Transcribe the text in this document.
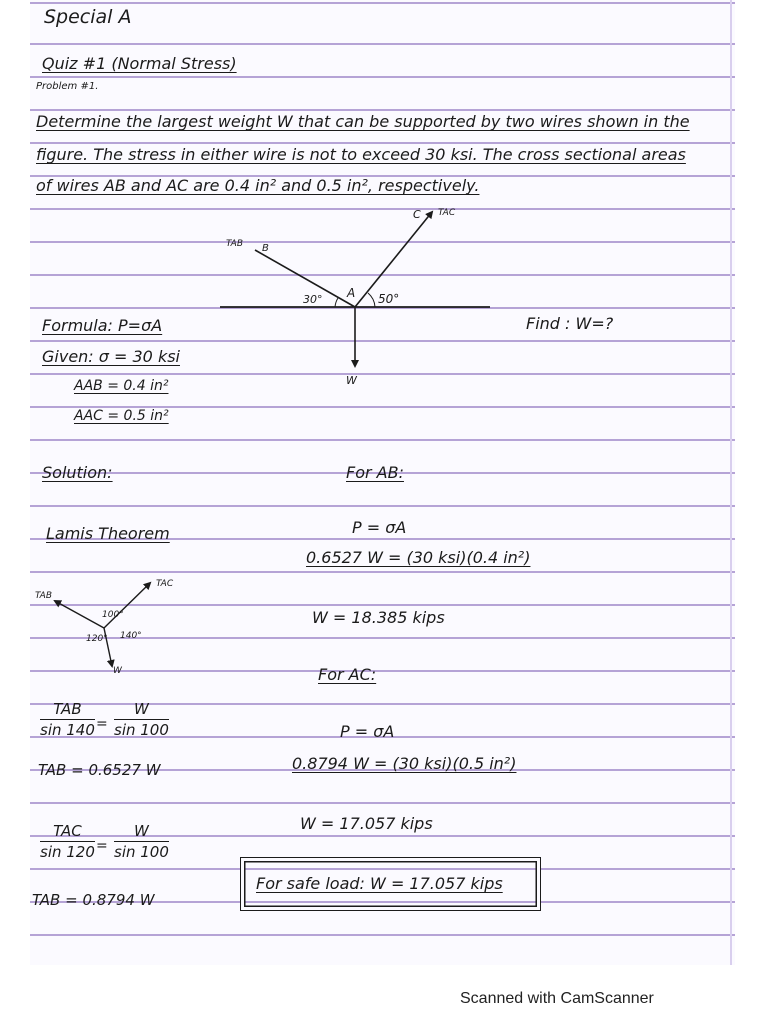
Special A
Quiz #1 (Normal Stress)
Problem #1.
Determine the largest weight W that can be supported by two wires shown in the
figure. The stress in either wire is not to exceed 30 ksi. The cross sectional areas
of wires AB and AC are 0.4 in² and 0.5 in², respectively.
C TAC
TAB B
30° A 50°
W
TAB
TAC
100°
120° 140°
W
Formula: P=σA
Given: σ = 30 ksi
AAB = 0.4 in²
AAC = 0.5 in²
Find : W=?
Solution:
Lamis Theorem
TAB
$\sin 140 = \frac{W}{\sin 100}$
TAB = 0.6527 W
TAC
$\sin 120 = \frac{W}{\sin 100}$
TAB = 0.8794 W
For AB:
P = σA
0.6527 W = (30 ksi)(0.4 in²)
W = 18.385 kips
For AC:
P = σA
0.8794 W = (30 ksi)(0.5 in²)
W = 17.057 kips
For safe load: W = 17.057 kips
Scanned with CamScanner
